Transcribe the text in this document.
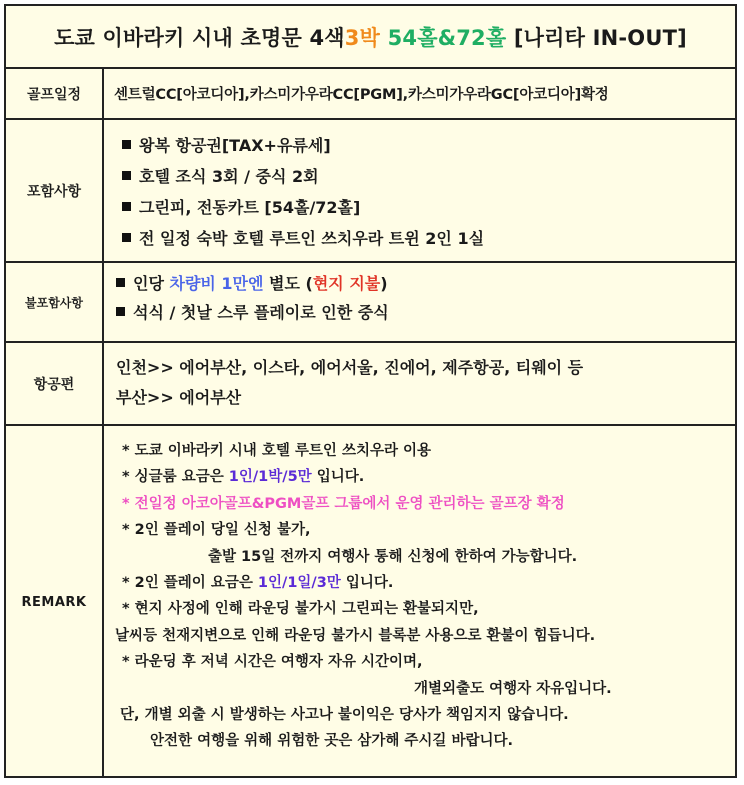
도쿄 이바라키 시내 초명문 4색 3박
54홀&72홀 [나리타 IN-OUT]
골프일정	센트럴CC[아코디아],카스미가우라CC[PGM],카스미가우라GC[아코디아]확정
포함사항
왕복 항공권[TAX+유류세]
호텔 조식 3회 / 중식 2회
그린피, 전동카트 [54홀/72홀]
전 일정 숙박 호텔 루트인 쓰치우라 트윈 2인 1실
불포함사항
인당 차량비 1만엔 별도 (현지 지불)
석식 / 첫날 스루 플레이로 인한 중식
항공편
인천>> 에어부산, 이스타, 에어서울, 진에어, 제주항공, 티웨이 등
부산>> 에어부산
REMARK
* 도쿄 이바라키 시내 호텔 루트인 쓰치우라 이용
* 싱글룸 요금은 1인/1박/5만 입니다.
* 전일정 아코아골프&PGM골프 그룹에서 운영 관리하는 골프장 확정
* 2인 플레이 당일 신청 불가,
출발 15일 전까지 여행사 통해 신청에 한하여 가능합니다.
* 2인 플레이 요금은 1인/1일/3만 입니다.
* 현지 사정에 인해 라운딩 불가시 그린피는 환불되지만,
날씨등 천재지변으로 인해 라운딩 불가시 블록분 사용으로 환불이 힘듭니다.
* 라운딩 후 저녁 시간은 여행자 자유 시간이며,
개별외출도 여행자 자유입니다.
단, 개별 외출 시 발생하는 사고나 불이익은 당사가 책임지지 않습니다.
안전한 여행을 위해 위험한 곳은 삼가해 주시길 바랍니다.
